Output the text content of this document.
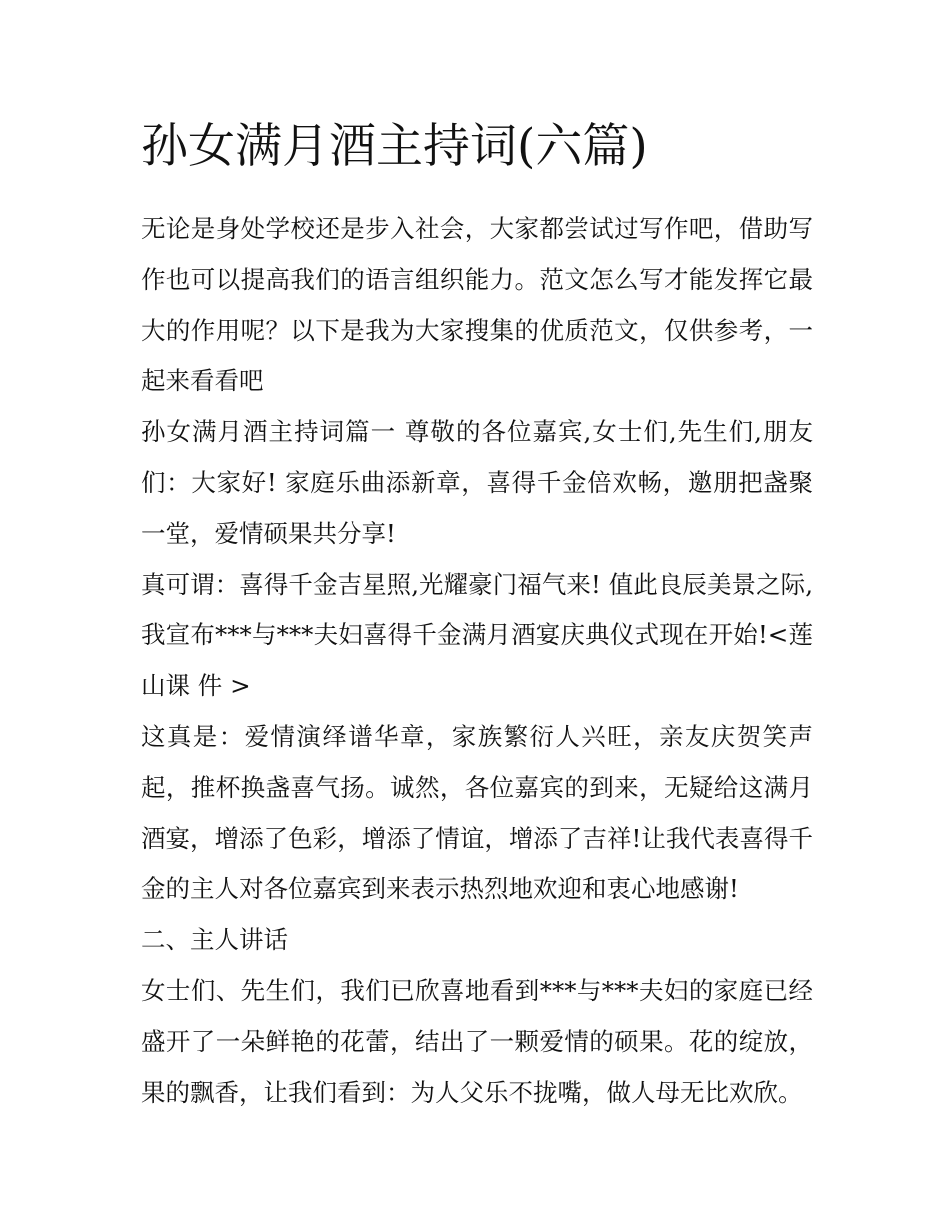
孙女满月酒主持词(六篇)

无论是身处学校还是步入社会，大家都尝试过写作吧，借助写作也可以提高我们的语言组织能力。范文怎么写才能发挥它最大的作用呢？以下是我为大家搜集的优质范文，仅供参考，一起来看看吧

孙女满月酒主持词篇一 尊敬的各位嘉宾,女士们,先生们,朋友们：大家好! 家庭乐曲添新章，喜得千金倍欢畅，邀朋把盏聚一堂，爱情硕果共分享!

真可谓：喜得千金吉星照,光耀豪门福气来! 值此良辰美景之际,我宣布***与***夫妇喜得千金满月酒宴庆典仪式现在开始!<莲山课 件 >

这真是：爱情演绎谱华章，家族繁衍人兴旺，亲友庆贺笑声起，推杯换盏喜气扬。诚然，各位嘉宾的到来，无疑给这满月酒宴，增添了色彩，增添了情谊，增添了吉祥!让我代表喜得千金的主人对各位嘉宾到来表示热烈地欢迎和衷心地感谢!

二、主人讲话

女士们、先生们，我们已欣喜地看到***与***夫妇的家庭已经盛开了一朵鲜艳的花蕾，结出了一颗爱情的硕果。花的绽放，果的飘香，让我们看到：为人父乐不拢嘴，做人母无比欢欣。
